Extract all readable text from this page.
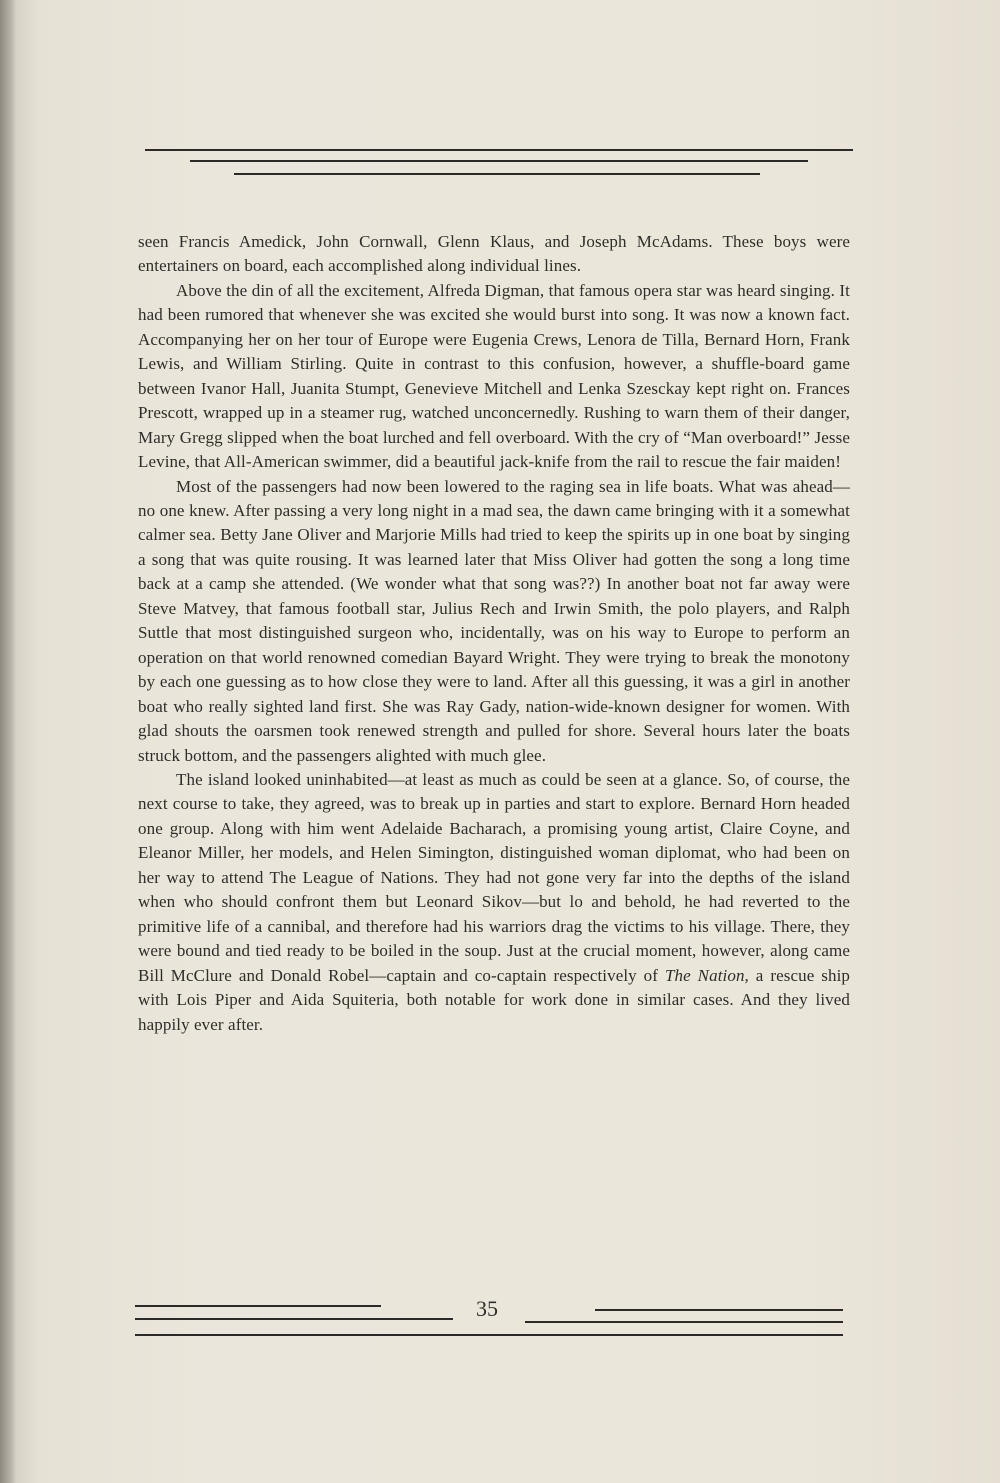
seen Francis Amedick, John Cornwall, Glenn Klaus, and Joseph McAdams. These boys were entertainers on board, each accomplished along individual lines.

Above the din of all the excitement, Alfreda Digman, that famous opera star was heard singing. It had been rumored that whenever she was excited she would burst into song. It was now a known fact. Accompanying her on her tour of Europe were Eugenia Crews, Lenora de Tilla, Bernard Horn, Frank Lewis, and William Stirling. Quite in contrast to this confusion, however, a shuffle-board game between Ivanor Hall, Juanita Stumpt, Genevieve Mitchell and Lenka Szesckay kept right on. Frances Prescott, wrapped up in a steamer rug, watched unconcernedly. Rushing to warn them of their danger, Mary Gregg slipped when the boat lurched and fell overboard. With the cry of “Man overboard!” Jesse Levine, that All-American swimmer, did a beautiful jack-knife from the rail to rescue the fair maiden!

Most of the passengers had now been lowered to the raging sea in life boats. What was ahead—no one knew. After passing a very long night in a mad sea, the dawn came bringing with it a somewhat calmer sea. Betty Jane Oliver and Marjorie Mills had tried to keep the spirits up in one boat by singing a song that was quite rousing. It was learned later that Miss Oliver had gotten the song a long time back at a camp she attended. (We wonder what that song was??) In another boat not far away were Steve Matvey, that famous football star, Julius Rech and Irwin Smith, the polo players, and Ralph Suttle that most distinguished surgeon who, incidentally, was on his way to Europe to perform an operation on that world renowned comedian Bayard Wright. They were trying to break the monotony by each one guessing as to how close they were to land. After all this guessing, it was a girl in another boat who really sighted land first. She was Ray Gady, nation-wide-known designer for women. With glad shouts the oarsmen took renewed strength and pulled for shore. Several hours later the boats struck bottom, and the passengers alighted with much glee.

The island looked uninhabited—at least as much as could be seen at a glance. So, of course, the next course to take, they agreed, was to break up in parties and start to explore. Bernard Horn headed one group. Along with him went Adelaide Bacharach, a promising young artist, Claire Coyne, and Eleanor Miller, her models, and Helen Simington, distinguished woman diplomat, who had been on her way to attend The League of Nations. They had not gone very far into the depths of the island when who should confront them but Leonard Sikov—but lo and behold, he had reverted to the primitive life of a cannibal, and therefore had his warriors drag the victims to his village. There, they were bound and tied ready to be boiled in the soup. Just at the crucial moment, however, along came Bill McClure and Donald Robel—captain and co-captain respectively of The Nation, a rescue ship with Lois Piper and Aida Squiteria, both notable for work done in similar cases. And they lived happily ever after.

35
